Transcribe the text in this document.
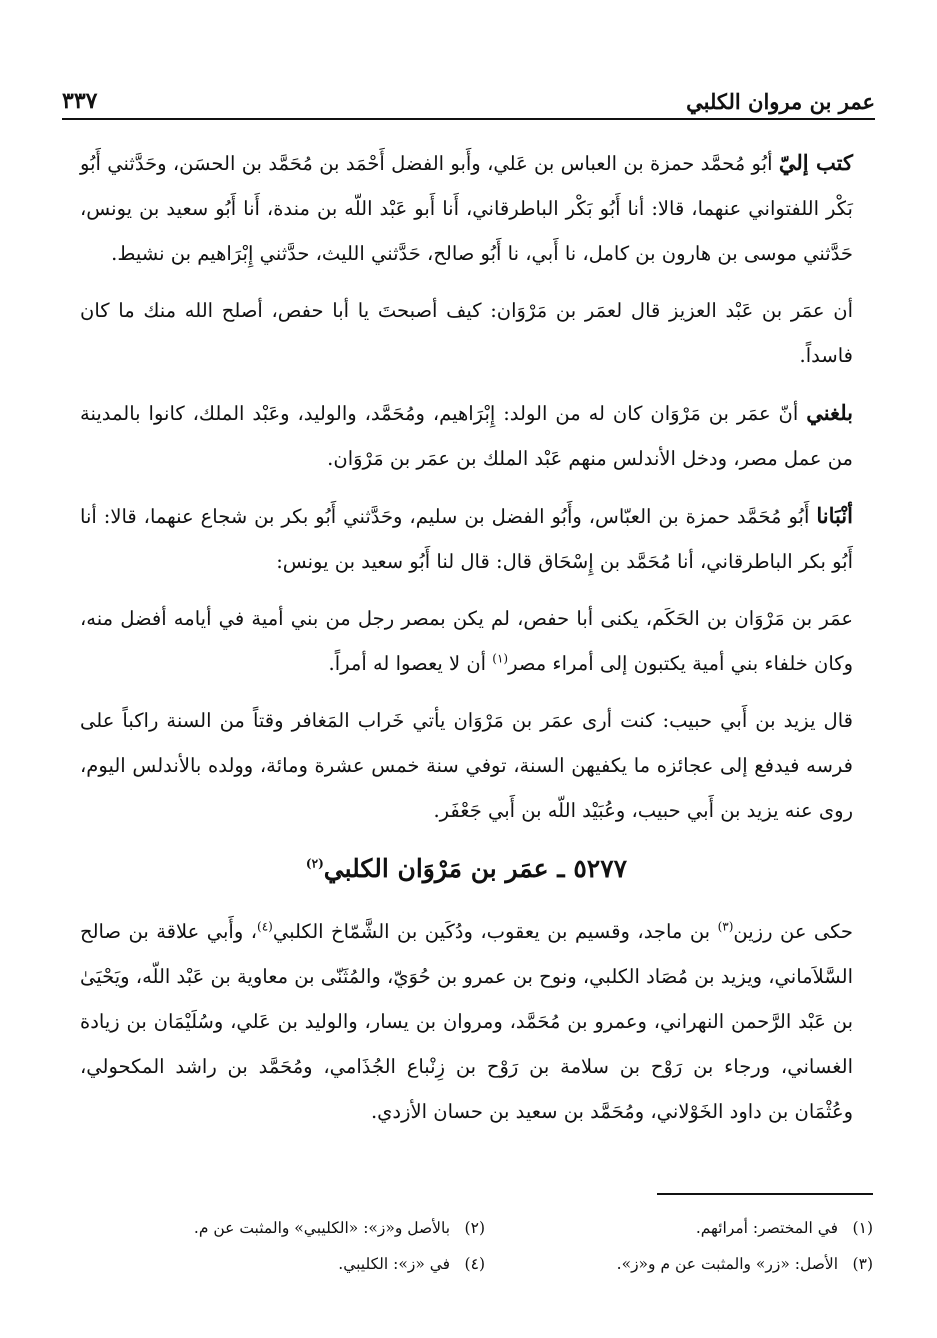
عمر بن مروان الكلبي
٣٣٧

كتب إليّ أبُو مُحمَّد حمزة بن العباس بن عَلي، وأَبو الفضل أَحْمَد بن مُحَمَّد بن الحسَن، وحَدَّثني أَبُو بَكْر اللفتواني عنهما، قالا: أنا أَبُو بَكْر الباطرقاني، أَنا أَبو عَبْد اللّه بن مندة، أَنا أَبُو سعيد بن يونس، حَدَّثني موسى بن هارون بن كامل، نا أَبي، نا أَبُو صالح، حَدَّثني الليث، حدَّثني إِبْرَاهيم بن نشيط.

أن عمَر بن عَبْد العزيز قال لعمَر بن مَرْوَان: كيف أصبحتَ يا أبا حفص، أصلح الله منك ما كان فاسداً.

بلغني أنّ عمَر بن مَرْوَان كان له من الولد: إِبْرَاهيم، ومُحَمَّد، والوليد، وعَبْد الملك، كانوا بالمدينة من عمل مصر، ودخل الأندلس منهم عَبْد الملك بن عمَر بن مَرْوَان.

أنْبَانا أَبُو مُحَمَّد حمزة بن العبّاس، وأَبُو الفضل بن سليم، وحَدَّثني أَبُو بكر بن شجاع عنهما، قالا: أنا أَبُو بكر الباطرقاني، أنا مُحَمَّد بن إِسْحَاق قال: قال لنا أَبُو سعيد بن يونس:

عمَر بن مَرْوَان بن الحَكَم، يكنى أبا حفص، لم يكن بمصر رجل من بني أمية في أيامه أفضل منه، وكان خلفاء بني أمية يكتبون إلى أمراء مصر$^{(١)}$ أن لا يعصوا له أمراً.

قال يزيد بن أَبي حبيب: كنت أرى عمَر بن مَرْوَان يأتي خَراب المَغافر وقتاً من السنة راكباً على فرسه فيدفع إلى عجائزه ما يكفيهن السنة، توفي سنة خمس عشرة ومائة، وولده بالأندلس اليوم، روى عنه يزيد بن أَبي حبيب، وعُبَيْد اللّه بن أَبي جَعْفَر.

٥٢٧٧ ـ عمَر بن مَرْوَان الكلبي$^{(٢)}$

حكى عن رزين$^{(٣)}$ بن ماجد، وقسيم بن يعقوب، ودُكَين بن الشَّمّاخ الكلبي$^{(٤)}$، وأَبي علاقة بن صالح السَّلاَماني، ويزيد بن مُصَاد الكلبي، ونوح بن عمرو بن حُوَيّ، والمُثَنّى بن معاوية بن عَبْد اللّه، ويَحْيَىٰ بن عَبْد الرَّحمن النهراني، وعمرو بن مُحَمَّد، ومروان بن يسار، والوليد بن عَلي، وسُلَيْمَان بن زيادة الغساني، ورجاء بن رَوْح بن سلامة بن رَوْح بن زِنْباع الجُذَامي، ومُحَمَّد بن راشد المكحولي، وعُثْمَان بن داود الخَوْلاني، ومُحَمَّد بن سعيد بن حسان الأزدي.

(١) في المختصر: أمرائهم.
(٢) بالأصل و«ز»: «الكليبي» والمثبت عن م.
(٣) الأصل: «زر» والمثبت عن م و«ز».
(٤) في «ز»: الكليبي.
